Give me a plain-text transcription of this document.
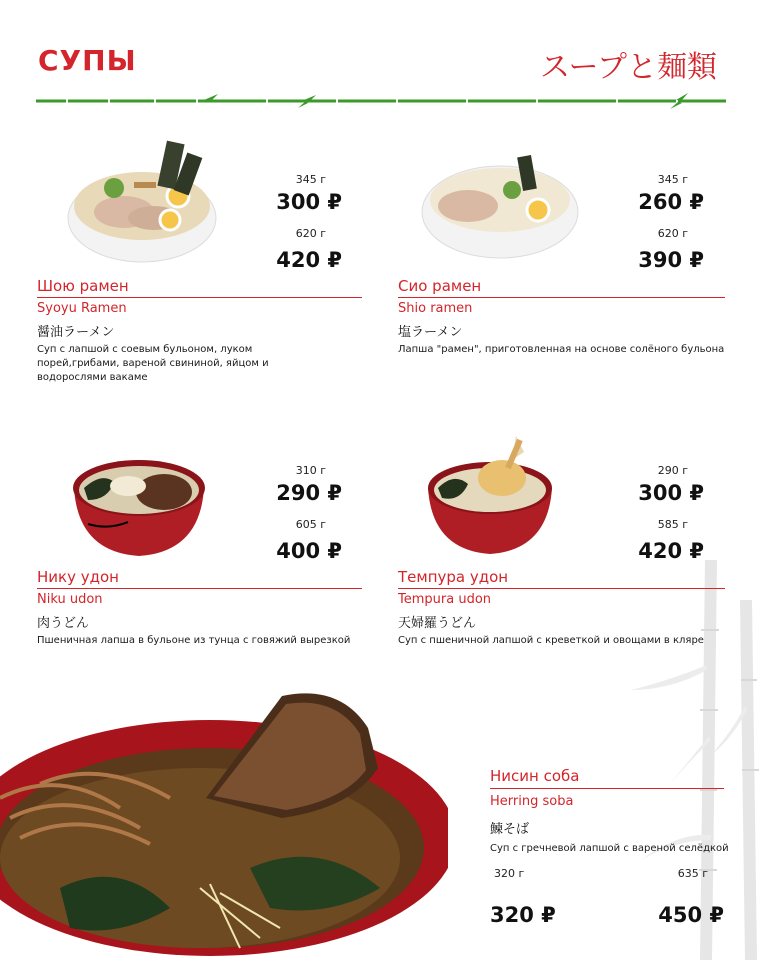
СУПЫ	スープと麺類
345 г
300 ₽
620 г
420 ₽
Шою рамен
Syoyu Ramen
醤油ラーメン
Суп с лапшой с соевым бульоном, луком порей,грибами, вареной свининой, яйцом и водорослями вакаме
345 г
260 ₽
620 г
390 ₽
Сио рамен
Shio ramen
塩ラーメン
Лапша "рамен", приготовленная на основе солёного бульона
310 г
290 ₽
605 г
400 ₽
Нику удон
Niku udon
肉うどん
Пшеничная лапша в бульоне из тунца с говяжий вырезкой
290 г
300 ₽
585 г
420 ₽
Темпура удон
Tempura udon
天婦羅うどん
Суп с пшеничной лапшой с креветкой и овощами в кляре
Нисин соба
Herring soba
鰊そば
Суп с гречневой лапшой с вареной селёдкой
320 г	635 г
320 ₽	450 ₽
